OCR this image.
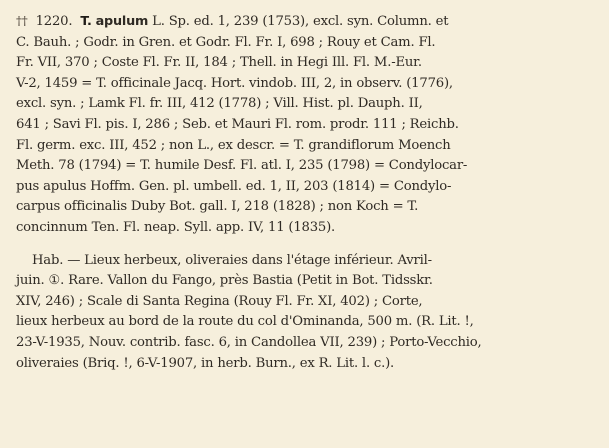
†† 1220. T. apulum L. Sp. ed. 1, 239 (1753), excl. syn. Column. et
C. Bauh. ; Godr. in Gren. et Godr. Fl. Fr. I, 698 ; Rouy et Cam. Fl.
Fr. VII, 370 ; Coste Fl. Fr. II, 184 ; Thell. in Hegi Ill. Fl. M.-Eur.
V-2, 1459 = T. officinale Jacq. Hort. vindob. III, 2, in observ. (1776),
excl. syn. ; Lamk Fl. fr. III, 412 (1778) ; Vill. Hist. pl. Dauph. II,
641 ; Savi Fl. pis. I, 286 ; Seb. et Mauri Fl. rom. prodr. 111 ; Reichb.
Fl. germ. exc. III, 452 ; non L., ex descr. = T. grandiflorum Moench
Meth. 78 (1794) = T. humile Desf. Fl. atl. I, 235 (1798) = Condylocar-
pus apulus Hoffm. Gen. pl. umbell. ed. 1, II, 203 (1814) = Condylo-
carpus officinalis Duby Bot. gall. I, 218 (1828) ; non Koch = T.
concinnum Ten. Fl. neap. Syll. app. IV, 11 (1835).
Hab. — Lieux herbeux, oliveraies dans l'étage inférieur. Avril-
juin. ①. Rare. Vallon du Fango, près Bastia (Petit in Bot. Tidsskr.
XIV, 246) ; Scale di Santa Regina (Rouy Fl. Fr. XI, 402) ; Corte,
lieux herbeux au bord de la route du col d'Ominanda, 500 m. (R. Lit. !,
23-V-1935, Nouv. contrib. fasc. 6, in Candollea VII, 239) ; Porto-Vecchio,
oliveraies (Briq. !, 6-V-1907, in herb. Burn., ex R. Lit. l. c.).
